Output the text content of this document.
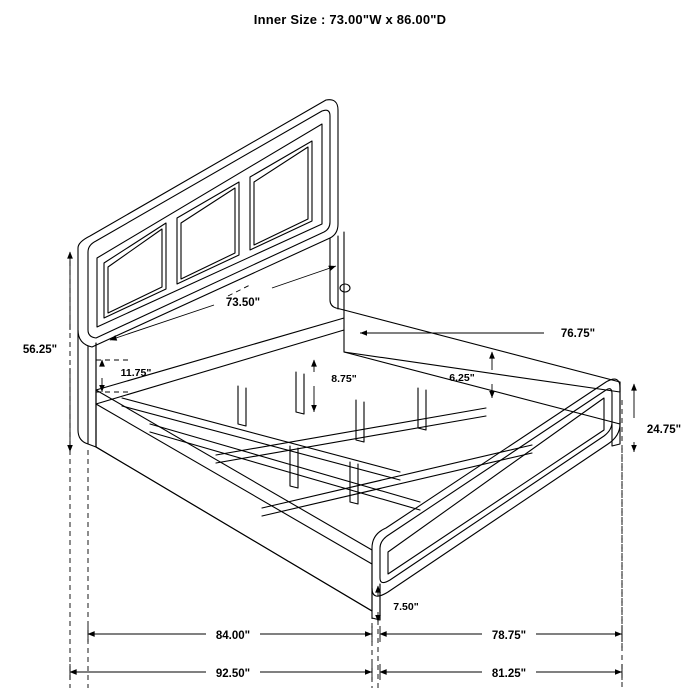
Inner Size : 73.00"W x 86.00"D
73.50"
56.25"
11.75"
76.75"
8.75"	6.25"
24.75"
7.50"
84.00"	78.75"
92.50"	81.25"
